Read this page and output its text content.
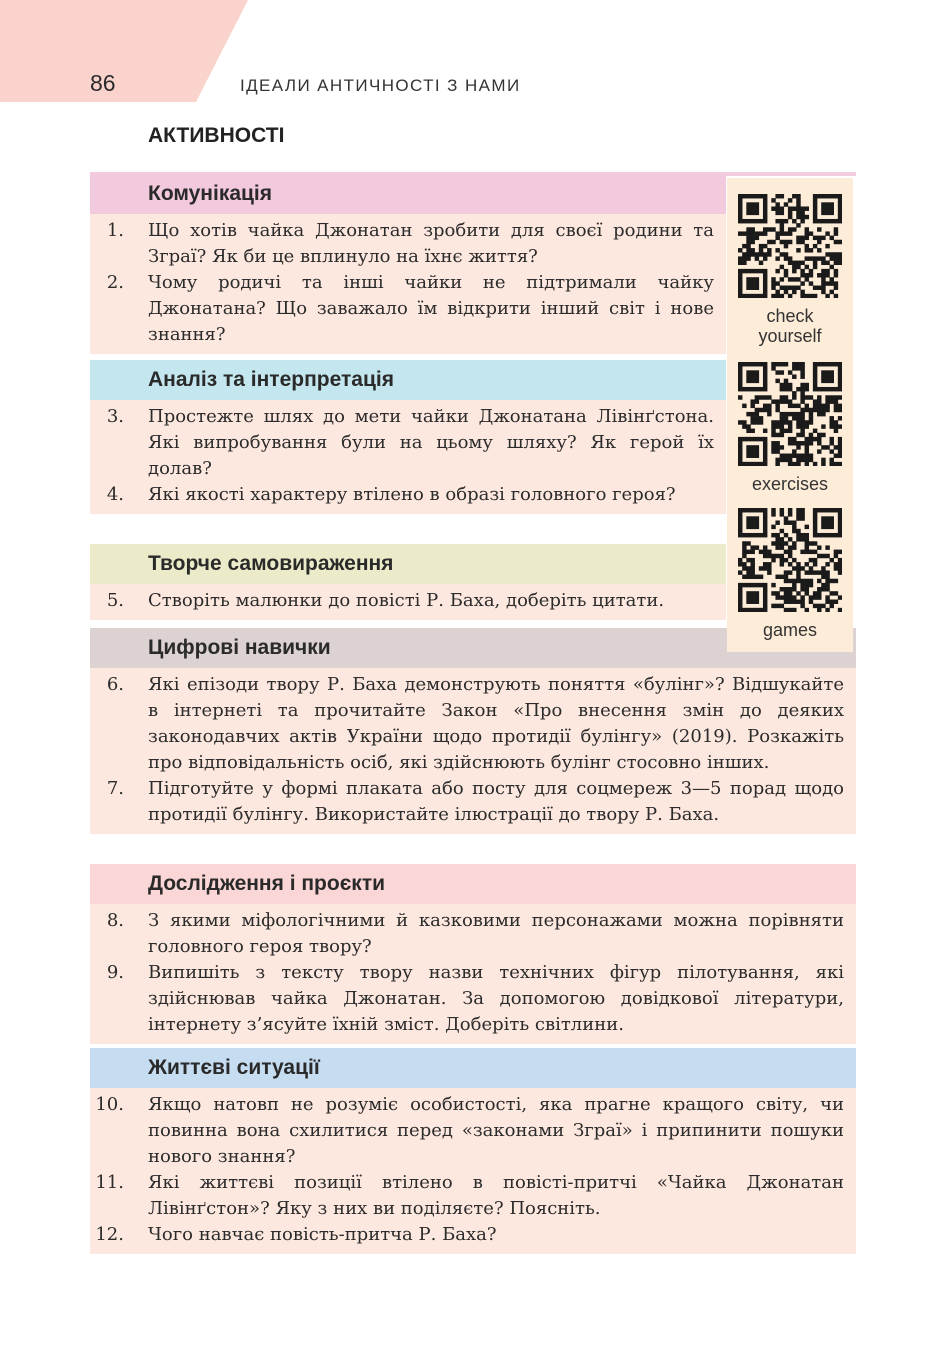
86	ІДЕАЛИ АНТИЧНОСТІ З НАМИ
АКТИВНОСТІ
Комунікація
1. Що хотів чайка Джонатан зробити для своєї родини та Зграї? Як би це вплинуло на їхнє життя?
2. Чому родичі та інші чайки не підтримали чайку Джонатана? Що заважало їм відкрити інший світ і нове знання?
Аналіз та інтерпретація
3. Простежте шлях до мети чайки Джонатана Лівінґстона. Які випробування були на цьому шляху? Як герой їх долав?
4. Які якості характеру втілено в образі головного героя?
Творче самовираження
5. Створіть малюнки до повісті Р. Баха, доберіть цитати.
Цифрові навички
6. Які епізоди твору Р. Баха демонструють поняття «булінг»? Відшукайте в інтернеті та прочитайте Закон «Про внесення змін до деяких законодавчих актів України щодо протидії булінгу» (2019). Розкажіть про відповідальність осіб, які здійснюють булінг стосовно інших.
7. Підготуйте у формі плаката або посту для соцмереж 3—5 порад щодо протидії булінгу. Використайте ілюстрації до твору Р. Баха.
Дослідження і проєкти
8. З якими міфологічними й казковими персонажами можна порівняти головного героя твору?
9. Випишіть з тексту твору назви технічних фігур пілотування, які здійснював чайка Джонатан. За допомогою довідкової літератури, інтернету з’ясуйте їхній зміст. Доберіть світлини.
Життєві ситуації
10. Якщо натовп не розуміє особистості, яка прагне кращого світу, чи повинна вона схилитися перед «законами Зграї» і припинити пошуки нового знання?
11. Які життєві позиції втілено в повісті-притчі «Чайка Джонатан Лівінґстон»? Яку з них ви поділяєте? Поясніть.
12. Чого навчає повість-притча Р. Баха?
check
yourself
exercises
games
